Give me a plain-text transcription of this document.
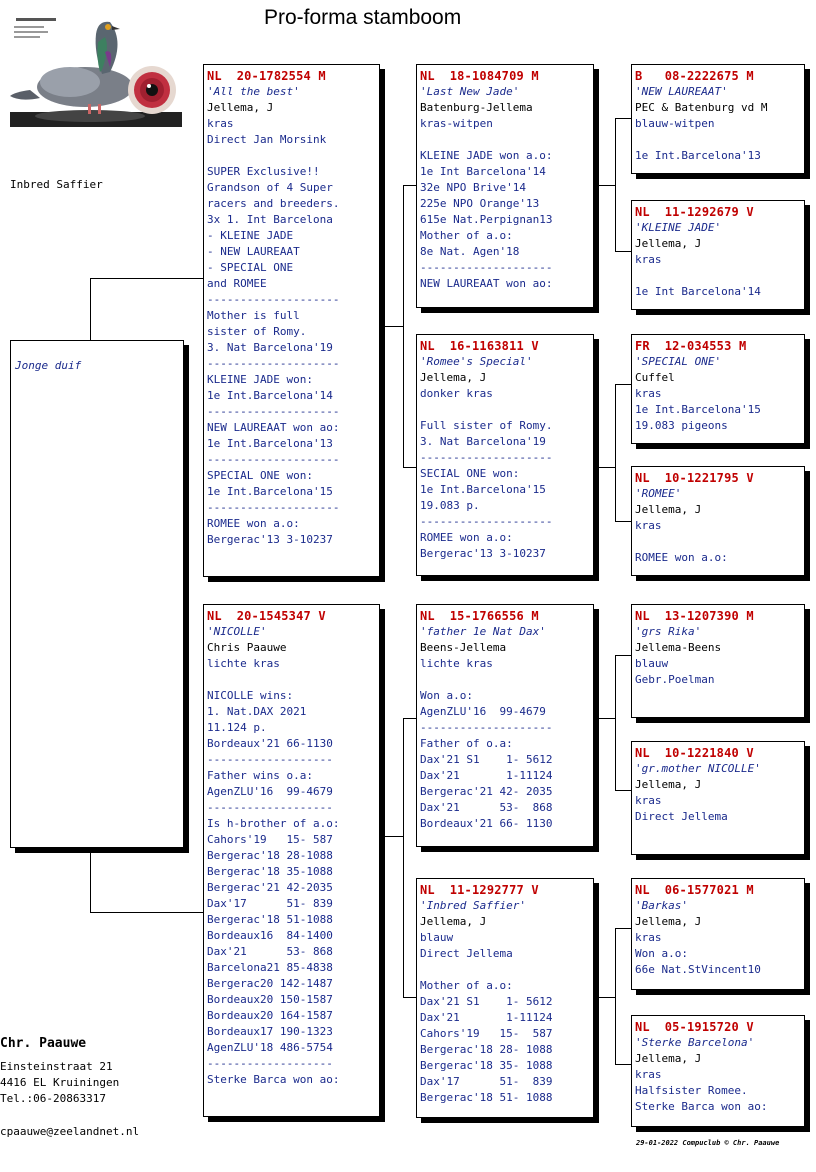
Pro-forma stamboom
Inbred Saffier
Jonge duif
NL  20-1782554 M
'All the best'
Jellema, J
kras
Direct Jan Morsink

SUPER Exclusive!!
Grandson of 4 Super
racers and breeders.
3x 1. Int Barcelona
- KLEINE JADE
- NEW LAUREAAT
- SPECIAL ONE
and ROMEE
--------------------
Mother is full
sister of Romy.
3. Nat Barcelona'19
--------------------
KLEINE JADE won:
1e Int.Barcelona'14
--------------------
NEW LAUREAAT won ao:
1e Int.Barcelona'13
--------------------
SPECIAL ONE won:
1e Int.Barcelona'15
--------------------
ROMEE won a.o:
Bergerac'13 3-10237
NL  20-1545347 V
'NICOLLE'
Chris Paauwe
lichte kras

NICOLLE wins:
1. Nat.DAX 2021
11.124 p.
Bordeaux'21 66-1130
-------------------
Father wins o.a:
AgenZLU'16  99-4679
-------------------
Is h-brother of a.o:
Cahors'19   15- 587
Bergerac'18 28-1088
Bergerac'18 35-1088
Bergerac'21 42-2035
Dax'17      51- 839
Bergerac'18 51-1088
Bordeaux16  84-1400
Dax'21      53- 868
Barcelona21 85-4838
Bergerac20 142-1487
Bordeaux20 150-1587
Bordeaux20 164-1587
Bordeaux17 190-1323
AgenZLU'18 486-5754
-------------------
Sterke Barca won ao:
NL  18-1084709 M
'Last New Jade'
Batenburg-Jellema
kras-witpen

KLEINE JADE won a.o:
1e Int Barcelona'14
32e NPO Brive'14
225e NPO Orange'13
615e Nat.Perpignan13
Mother of a.o:
8e Nat. Agen'18
--------------------
NEW LAUREAAT won ao:
NL  16-1163811 V
'Romee's Special'
Jellema, J
donker kras

Full sister of Romy.
3. Nat Barcelona'19
--------------------
SECIAL ONE won:
1e Int.Barcelona'15
19.083 p.
--------------------
ROMEE won a.o:
Bergerac'13 3-10237
NL  15-1766556 M
'father 1e Nat Dax'
Beens-Jellema
lichte kras

Won a.o:
AgenZLU'16  99-4679
--------------------
Father of o.a:
Dax'21 S1    1- 5612
Dax'21       1-11124
Bergerac'21 42- 2035
Dax'21      53-  868
Bordeaux'21 66- 1130
NL  11-1292777 V
'Inbred Saffier'
Jellema, J
blauw
Direct Jellema

Mother of a.o:
Dax'21 S1    1- 5612
Dax'21       1-11124
Cahors'19   15-  587
Bergerac'18 28- 1088
Bergerac'18 35- 1088
Dax'17      51-  839
Bergerac'18 51- 1088
B   08-2222675 M
'NEW LAUREAAT'
PEC & Batenburg vd M
blauw-witpen

1e Int.Barcelona'13
NL  11-1292679 V
'KLEINE JADE'
Jellema, J
kras

1e Int Barcelona'14
FR  12-034553 M
'SPECIAL ONE'
Cuffel
kras
1e Int.Barcelona'15
19.083 pigeons
NL  10-1221795 V
'ROMEE'
Jellema, J
kras

ROMEE won a.o:
NL  13-1207390 M
'grs Rika'
Jellema-Beens
blauw
Gebr.Poelman
NL  10-1221840 V
'gr.mother NICOLLE'
Jellema, J
kras
Direct Jellema
NL  06-1577021 M
'Barkas'
Jellema, J
kras
Won a.o:
66e Nat.StVincent10
NL  05-1915720 V
'Sterke Barcelona'
Jellema, J
kras
Halfsister Romee.
Sterke Barca won ao:
Chr. Paauwe
Einsteinstraat 21
4416 EL Kruiningen
Tel.:06-20863317
cpaauwe@zeelandnet.nl
29-01-2022 Compuclub © Chr. Paauwe
